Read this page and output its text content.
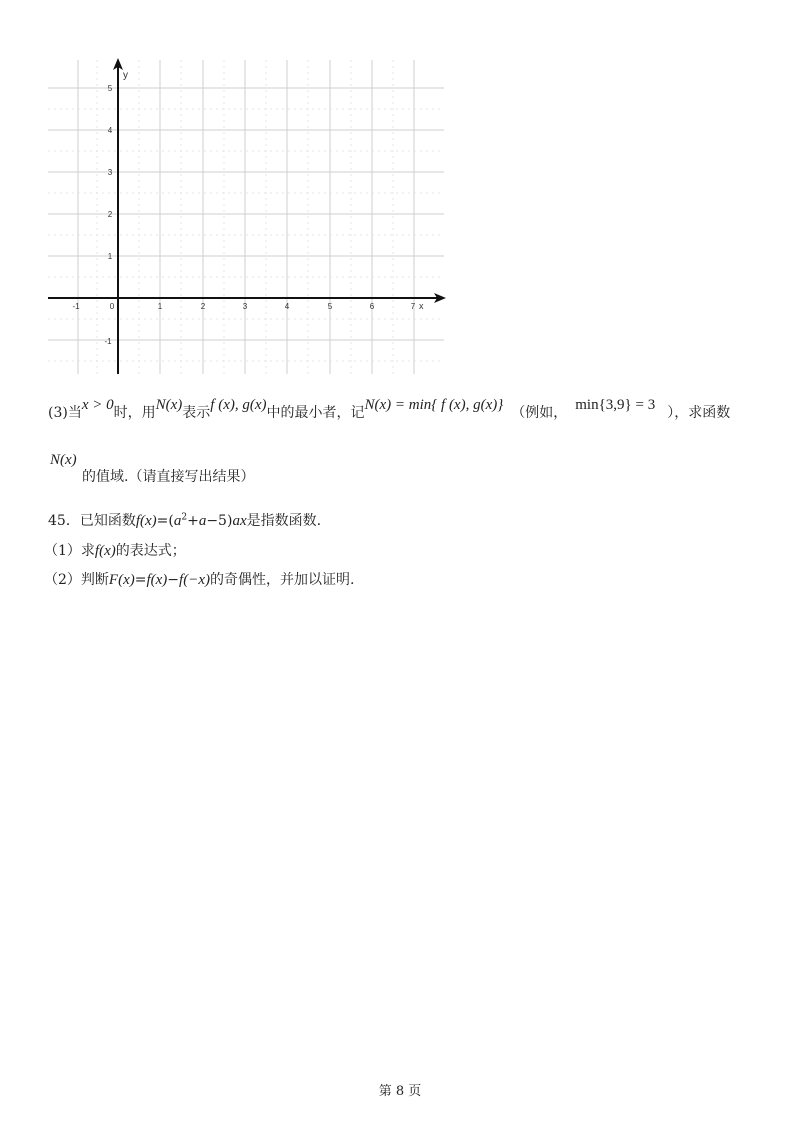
y
x
-1	0	1	2	3	4	5	6	7
5
4
3
2
1
-1
(3)当x > 0时，用N(x)表示f (x), g(x)中的最小者，记N(x) = min{ f (x), g(x)} （例如， min{3,9} = 3 ），求函数
N(x)
的值域.（请直接写出结果）
45．已知函数$f(x)=(a^2+a-5)ax$是指数函数.
（1）求f(x)的表达式；
（2）判断F(x)=f(x)−f(−x)的奇偶性，并加以证明.
第 8 页
